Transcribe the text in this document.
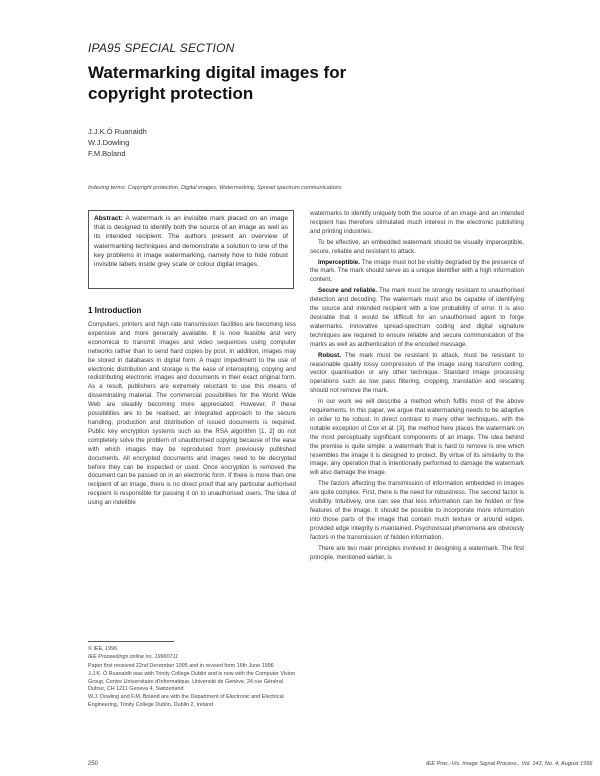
IPA95 SPECIAL SECTION
Watermarking digital images for copyright protection
J.J.K.Ó Ruanaidh
W.J.Dowling
F.M.Boland
Indexing terms: Copyright protection, Digital images, Watermarking, Spread spectrum communications
Abstract: A watermark is an invisible mark placed on an image that is designed to identify both the source of an image as well as its intended recipient. The authors present an overview of watermarking techniques and demonstrate a solution to one of the key problems in image watermarking, namely how to hide robust invisible labels inside grey scale or colour digital images.
1 Introduction

Computers, printers and high rate transmission facilities are becoming less expensive and more generally available. It is now feasible and very economical to transmit images and video sequences using computer networks rather than to send hard copies by post. In addition, images may be stored in databases in digital form. A major impediment to the use of electronic distribution and storage is the ease of intercepting, copying and redistributing electronic images and documents in their exact original form. As a result, publishers are extremely reluctant to use this means of disseminating material. The commercial possibilities for the World Wide Web are steadily becoming more appreciated. However, if these possibilities are to be realised, an integrated approach to the secure handling, production and distribution of issued documents is required. Public key encryption systems such as the RSA algorithm [1, 2] do not completely solve the problem of unauthorised copying because of the ease with which images may be reproduced from previously published documents. All encrypted documents and images need to be decrypted before they can be inspected or used. Once encryption is removed the document can be passed on in an electronic form. If there is more than one recipient of an image, there is no direct proof that any particular authorised recipient is responsible for passing it on to unauthorised users. The idea of using an indelible

© IEE, 1996
IEE Proceedings online no. 19960711
Paper first received 22nd December 1995 and in revised form 16th June 1996
J.J.K. Ó Ruanaidh was with Trinity College Dublin and is now with the Computer Vision Group, Centre Universitaire d'Informatique, Université de Genève, 24 rue Général Dufour, CH 1211 Geneva 4, Switzerland
W.J. Dowling and F.M. Boland are with the Department of Electronic and Electrical Engineering, Trinity College Dublin, Dublin 2, Ireland

watermarks to identify uniquely both the source of an image and an intended recipient has therefore stimulated much interest in the electronic publishing and printing industries.

To be effective, an embedded watermark should be visually imperceptible, secure, reliable and resistant to attack.

Imperceptible. The image must not be visibly degraded by the presence of the mark. The mark should serve as a unique identifier with a high information content.

Secure and reliable. The mark must be strongly resistant to unauthorised detection and decoding. The watermark must also be capable of identifying the source and intended recipient with a low probability of error. It is also desirable that it would be difficult for an unauthorised agent to forge watermarks. Innovative spread-spectrum coding and digital signature techniques are required to ensure reliable and secure communication of the marks as well as authentication of the encoded message.

Robust. The mark must be resistant to attack, must be resistant to reasonable quality lossy compression of the image using transform coding, vector quantisation or any other technique. Standard image processing operations such as low pass filtering, cropping, translation and rescaling should not remove the mark.

In our work we will describe a method which fulfils most of the above requirements. In this paper, we argue that watermarking needs to be adaptive in order to be robust. In direct contrast to many other techniques, with the notable exception of Cox et al. [3], the method here places the watermark on the most perceptually significant components of an image. The idea behind the premise is quite simple: a watermark that is hard to remove is one which resembles the image it is designed to protect. By virtue of its similarity to the image, any operation that is intentionally performed to damage the watermark will also damage the image.

The factors affecting the transmission of information embedded in images are quite complex. First, there is the need for robustness. The second factor is visibility. Intuitively, one can see that less information can be hidden or fine features of the image. It should be possible to incorporate more information into those parts of the image that contain much texture or around edges, provided edge integrity is maintained. Psychovisual phenomena are obviously factors in the transmission of hidden information.

There are two main principles involved in designing a watermark. The first principle, mentioned earlier, is

250	IEE Proc.-Vis. Image Signal Process., Vol. 143, No. 4, August 1996
